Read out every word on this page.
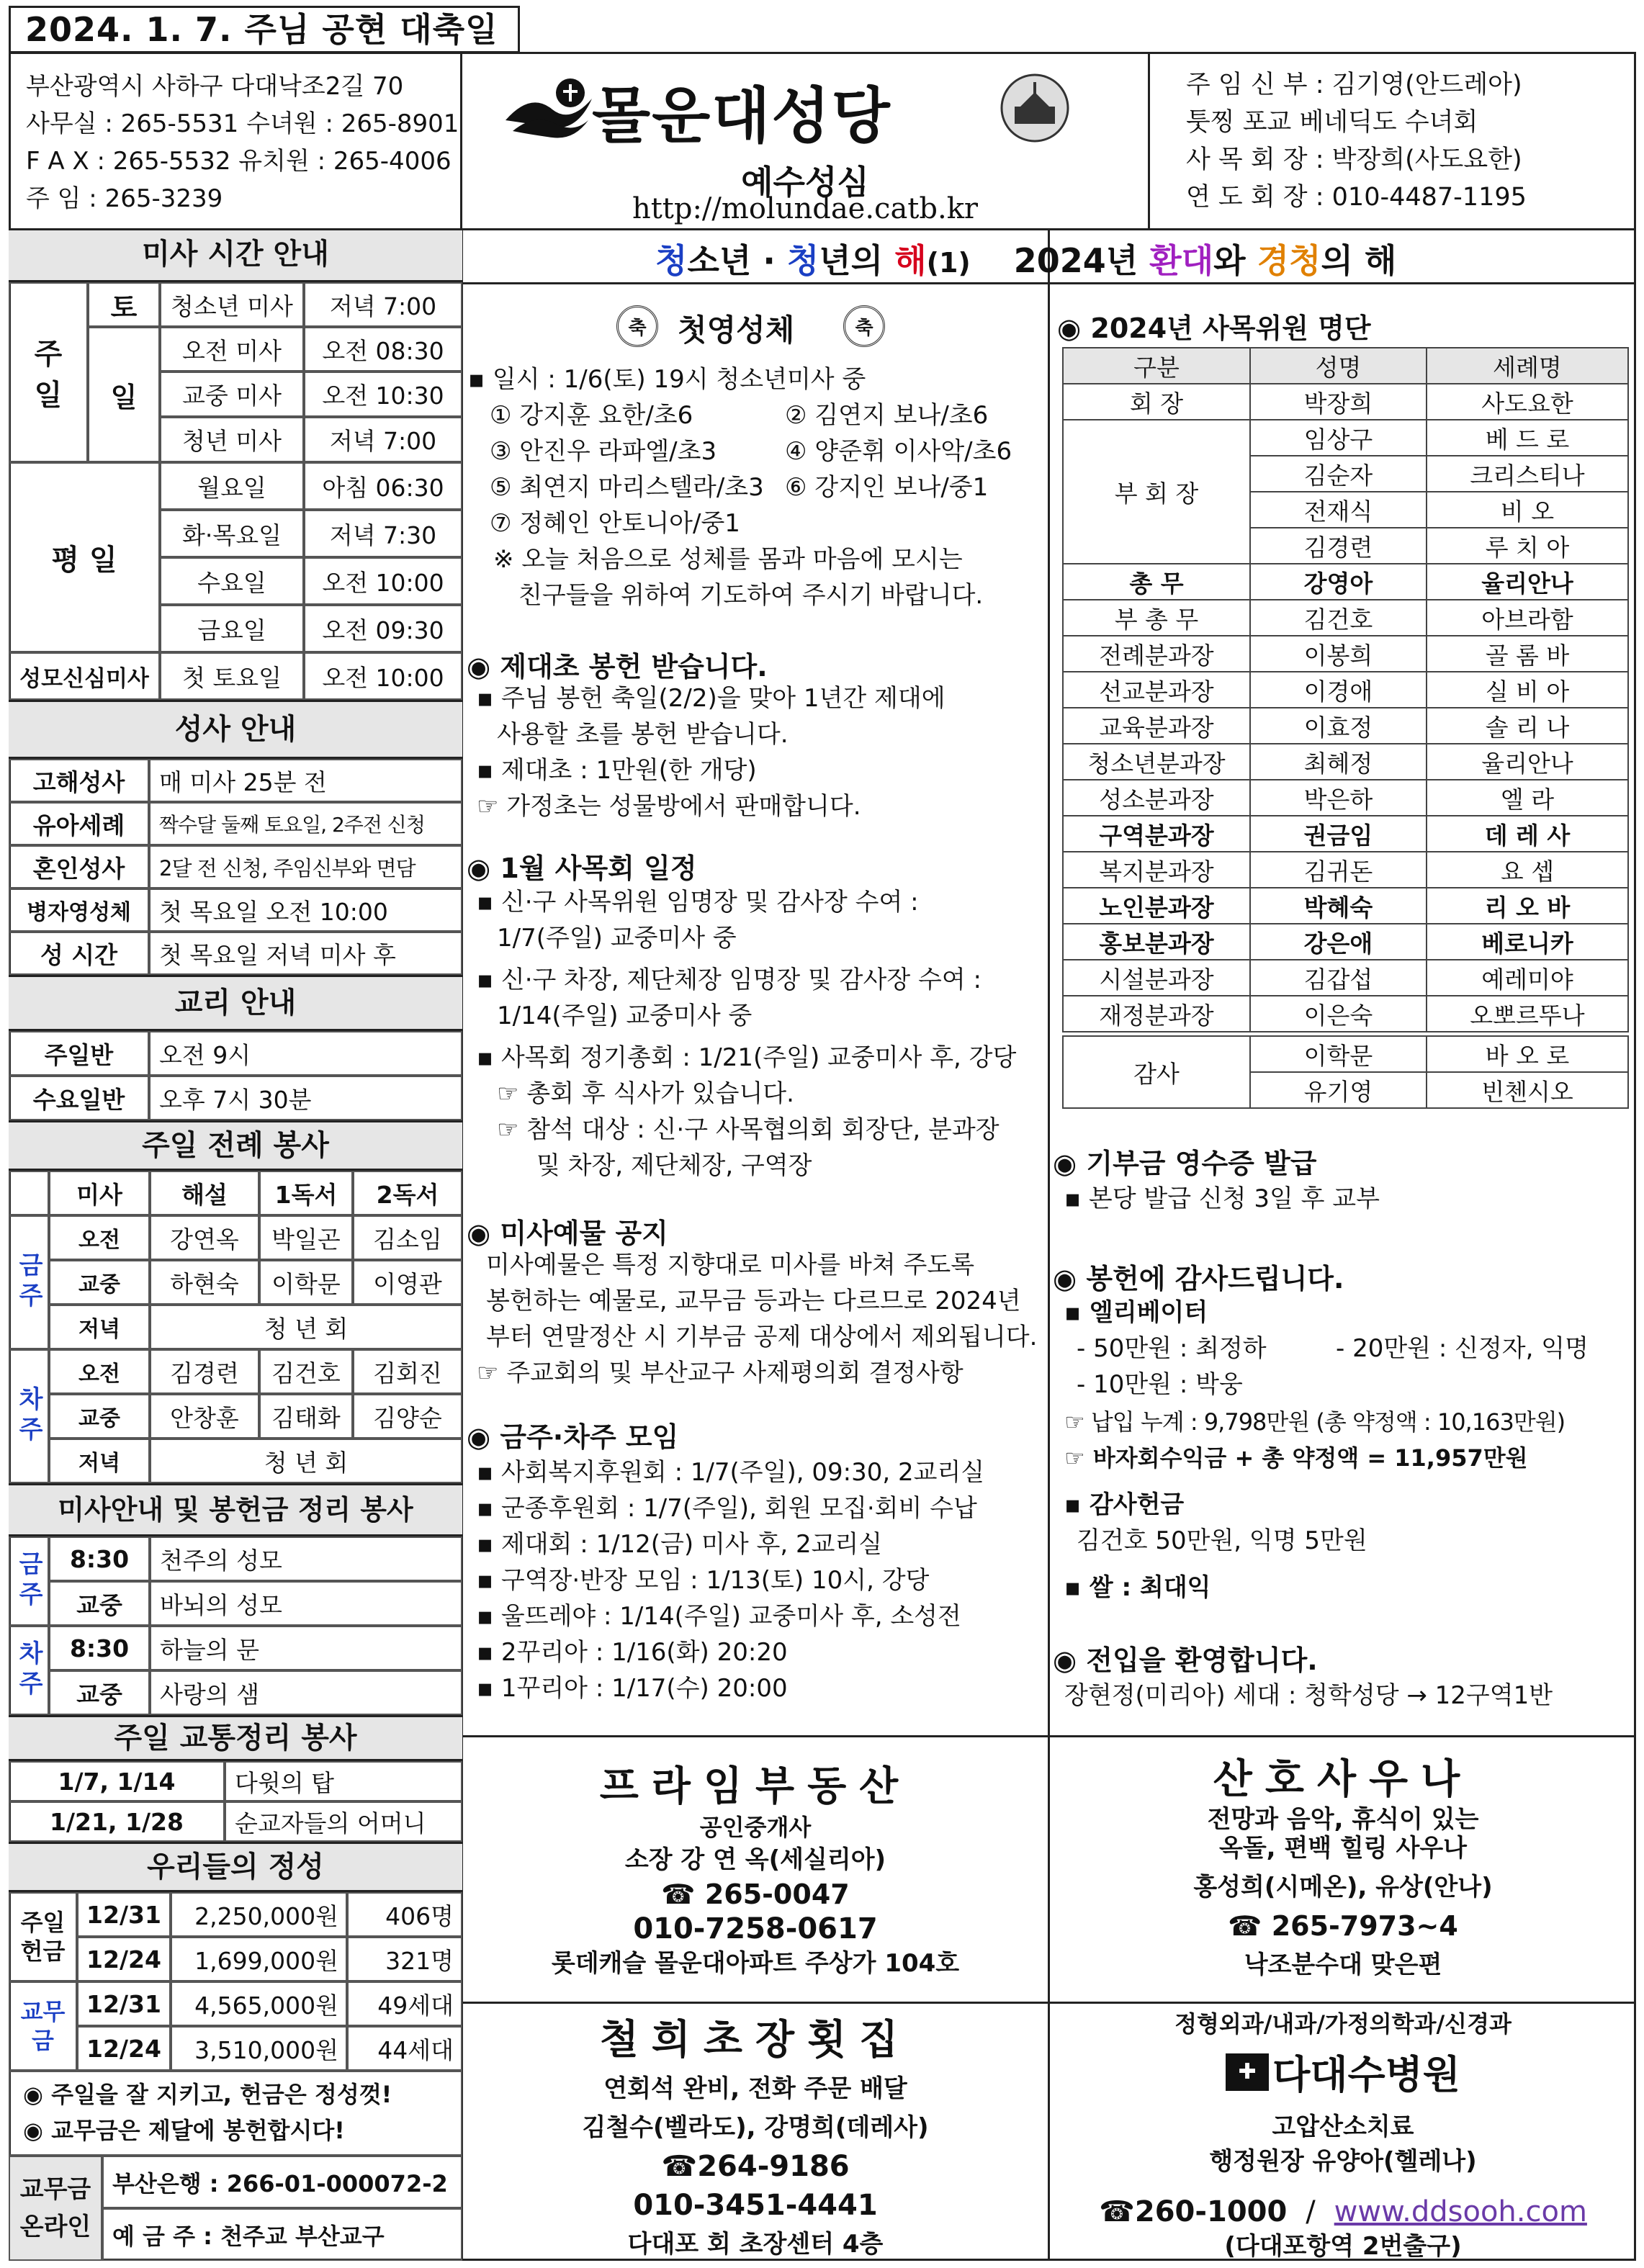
2024. 1. 7. 주님 공현 대축일
부산광역시 사하구 다대낙조2길 70
사무실 : 265-5531 수녀원 : 265-8901
F A X : 265-5532 유치원 : 265-4006
주 임 : 265-3239
몰운대성당
예수성심
http://molundae.catb.kr
주 임 신 부 : 김기영(안드레아)
툿찡 포교 베네딕도 수녀회
사 목 회 장 : 박장희(사도요한)
연 도 회 장 : 010-4487-1195
청소년 · 청년의 해(1) 2024년 환대와 경청의 해
미사 시간 안내
주
일
토
일
청소년 미사	저녁 7:00
오전 미사	오전 08:30
교중 미사	오전 10:30
청년 미사	저녁 7:00
평 일
월요일	아침 06:30
화·목요일	저녁 7:30
수요일	오전 10:00
금요일	오전 09:30
성모신심미사	첫 토요일	오전 10:00
성사 안내
고해성사	매 미사 25분 전
유아세례	짝수달 둘째 토요일, 2주전 신청
혼인성사	2달 전 신청, 주임신부와 면담
병자영성체	첫 목요일 오전 10:00
성 시간	첫 목요일 저녁 미사 후
교리 안내
주일반	오전 9시
수요일반	오후 7시 30분
주일 전례 봉사
미사	해설	1독서	2독서
금주
오전	강연옥	박일곤	김소임
교중	하현숙	이학문	이영관
저녁	청 년 회
차주
오전	김경련	김건호	김회진
교중	안창훈	김태화	김양순
저녁	청 년 회
미사안내 및 봉헌금 정리 봉사
금주	8:30	천주의 성모
교중	바뇌의 성모
차주	8:30	하늘의 문
교중	사랑의 샘
주일 교통정리 봉사
1/7, 1/14	다윗의 탑
1/21, 1/28	순교자들의 어머니
우리들의 정성
주일헌금
12/31	2,250,000원	406명
12/24	1,699,000원	321명
교무금
12/31	4,565,000원	49세대
12/24	3,510,000원	44세대
◉ 주일을 잘 지키고, 헌금은 정성껏!
◉ 교무금은 제달에 봉헌합시다!
교무금 온라인
부산은행 : 266-01-000072-2
예 금 주 : 천주교 부산교구
축	첫영성체	축
▪ 일시 : 1/6(토) 19시 청소년미사 중
① 강지훈 요한/초6	② 김연지 보나/초6
③ 안진우 라파엘/초3	④ 양준휘 이사악/초6
⑤ 최연지 마리스텔라/초3 ⑥ 강지인 보나/중1
⑦ 정혜인 안토니아/중1
※ 오늘 처음으로 성체를 몸과 마음에 모시는
친구들을 위하여 기도하여 주시기 바랍니다.
◉ 제대초 봉헌 받습니다.
▪ 주님 봉헌 축일(2/2)을 맞아 1년간 제대에
사용할 초를 봉헌 받습니다.
▪ 제대초 : 1만원(한 개당)
☞ 가정초는 성물방에서 판매합니다.
◉ 1월 사목회 일정
▪ 신·구 사목위원 임명장 및 감사장 수여 :
1/7(주일) 교중미사 중
▪ 신·구 차장, 제단체장 임명장 및 감사장 수여 :
1/14(주일) 교중미사 중
▪ 사목회 정기총회 : 1/21(주일) 교중미사 후, 강당
☞ 총회 후 식사가 있습니다.
☞ 참석 대상 : 신·구 사목협의회 회장단, 분과장
및 차장, 제단체장, 구역장
◉ 미사예물 공지
미사예물은 특정 지향대로 미사를 바쳐 주도록
봉헌하는 예물로, 교무금 등과는 다르므로 2024년
부터 연말정산 시 기부금 공제 대상에서 제외됩니다.
☞ 주교회의 및 부산교구 사제평의회 결정사항
◉ 금주·차주 모임
▪ 사회복지후원회 : 1/7(주일), 09:30, 2교리실
▪ 군종후원회 : 1/7(주일), 회원 모집·회비 수납
▪ 제대회 : 1/12(금) 미사 후, 2교리실
▪ 구역장·반장 모임 : 1/13(토) 10시, 강당
▪ 울뜨레야 : 1/14(주일) 교중미사 후, 소성전
▪ 2꾸리아 : 1/16(화) 20:20
▪ 1꾸리아 : 1/17(수) 20:00
◉ 2024년 사목위원 명단
구분	성명	세례명
회 장	박장희	사도요한
부 회 장	임상구	베 드 로
	김순자	크리스티나
	전재식	비 오
	김경련	루 치 아
총 무	강영아	율리안나
부 총 무	김건호	아브라함
전례분과장	이봉희	골 롬 바
선교분과장	이경애	실 비 아
교육분과장	이효정	솔 리 나
청소년분과장	최혜정	율리안나
성소분과장	박은하	엘 라
구역분과장	권금임	데 레 사
복지분과장	김귀돈	요 셉
노인분과장	박혜숙	리 오 바
홍보분과장	강은애	베로니카
시설분과장	김갑섭	예레미야
재정분과장	이은숙	오뽀르뚜나
감사	이학문	바 오 로
	유기영	빈첸시오
◉ 기부금 영수증 발급
▪ 본당 발급 신청 3일 후 교부
◉ 봉헌에 감사드립니다.
▪ 엘리베이터
- 50만원 : 최정하	- 20만원 : 신정자, 익명
- 10만원 : 박웅
☞ 납입 누계 : 9,798만원 (총 약정액 : 10,163만원)
☞ 바자회수익금 + 총 약정액 = 11,957만원
▪ 감사헌금
김건호 50만원, 익명 5만원
▪ 쌀 : 최대익
◉ 전입을 환영합니다.
장현정(미리아) 세대 : 청학성당 → 12구역1반
프라임부동산
공인중개사
소장 강 연 옥(세실리아)
☎ 265-0047
010-7258-0617
롯데캐슬 몰운대아파트 주상가 104호
산호사우나
전망과 음악, 휴식이 있는
옥돌, 편백 힐링 사우나
홍성희(시메온), 유상(안나)
☎ 265-7973~4
낙조분수대 맞은편
철희초장횟집
연회석 완비, 전화 주문 배달
김철수(벨라도), 강명희(데레사)
☎264-9186
010-3451-4441
다대포 회 초장센터 4층
정형외과/내과/가정의학과/신경과
✚ 다대수병원
고압산소치료
행정원장 유양아(헬레나)
☎260-1000 / www.ddsooh.com
(다대포항역 2번출구)
